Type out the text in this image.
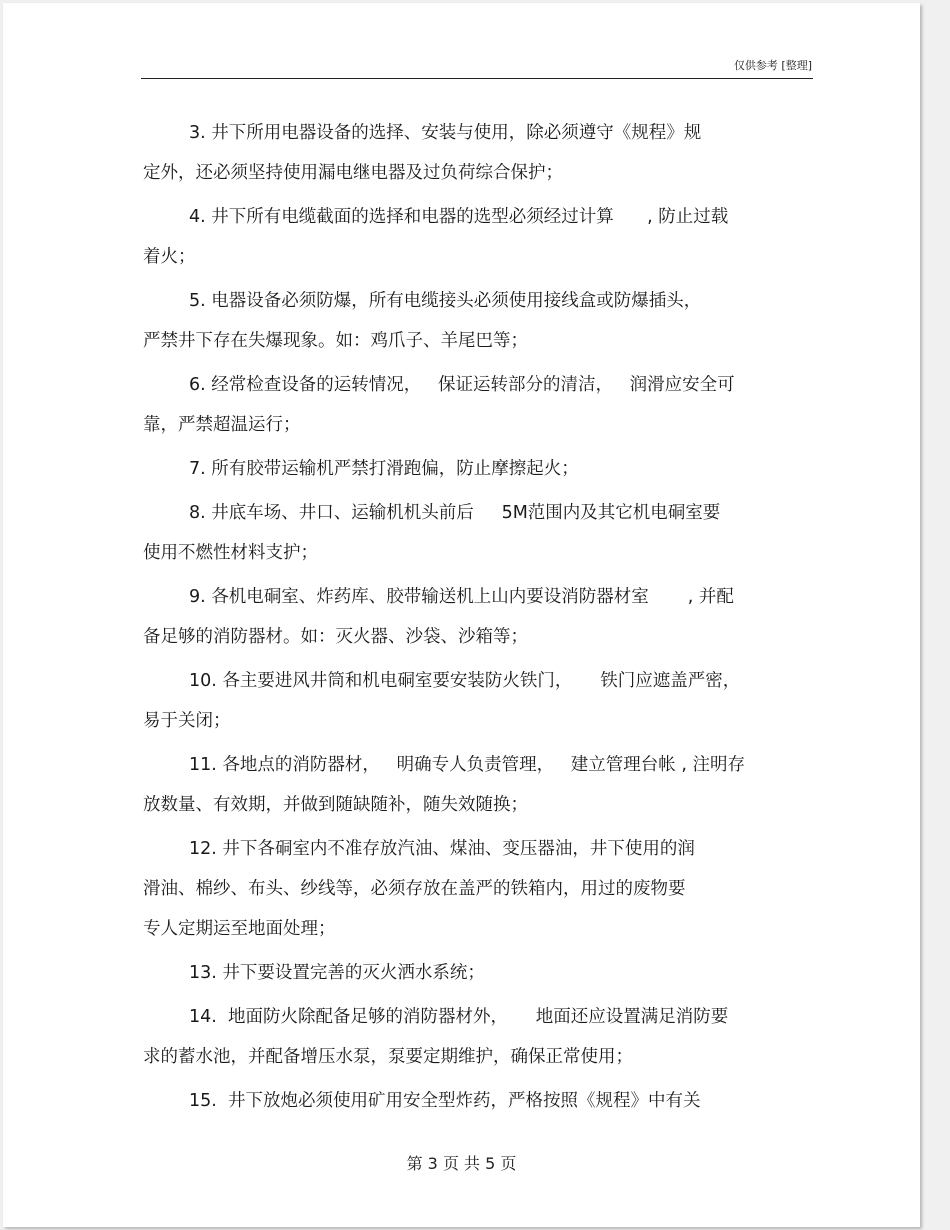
仅供参考 [整理]
3. 井下所用电器设备的选择、安装与使用，除必须遵守《规程》规
定外，还必须坚持使用漏电继电器及过负荷综合保护；
4. 井下所有电缆截面的选择和电器的选型必须经过计算      , 防止过载
着火；
5. 电器设备必须防爆，所有电缆接头必须使用接线盒或防爆插头，
严禁井下存在失爆现象。如：鸡爪子、羊尾巴等；
6. 经常检查设备的运转情况，   保证运转部分的清洁，   润滑应安全可
靠，严禁超温运行；
7. 所有胶带运输机严禁打滑跑偏，防止摩擦起火；
8. 井底车场、井口、运输机机头前后     5M范围内及其它机电硐室要
使用不燃性材料支护；
9. 各机电硐室、炸药库、胶带输送机上山内要设消防器材室       , 并配
备足够的消防器材。如：灭火器、沙袋、沙箱等；
10. 各主要进风井筒和机电硐室要安装防火铁门，     铁门应遮盖严密，
易于关闭；
11. 各地点的消防器材，   明确专人负责管理，   建立管理台帐 , 注明存
放数量、有效期，并做到随缺随补，随失效随换；
12. 井下各硐室内不准存放汽油、煤油、变压器油，井下使用的润
滑油、棉纱、布头、纱线等，必须存放在盖严的铁箱内，用过的废物要
专人定期运至地面处理；
13. 井下要设置完善的灭火洒水系统；
14.  地面防火除配备足够的消防器材外，     地面还应设置满足消防要
求的蓄水池，并配备增压水泵，泵要定期维护，确保正常使用；
15.  井下放炮必须使用矿用安全型炸药，严格按照《规程》中有关
第 3 页 共 5 页
